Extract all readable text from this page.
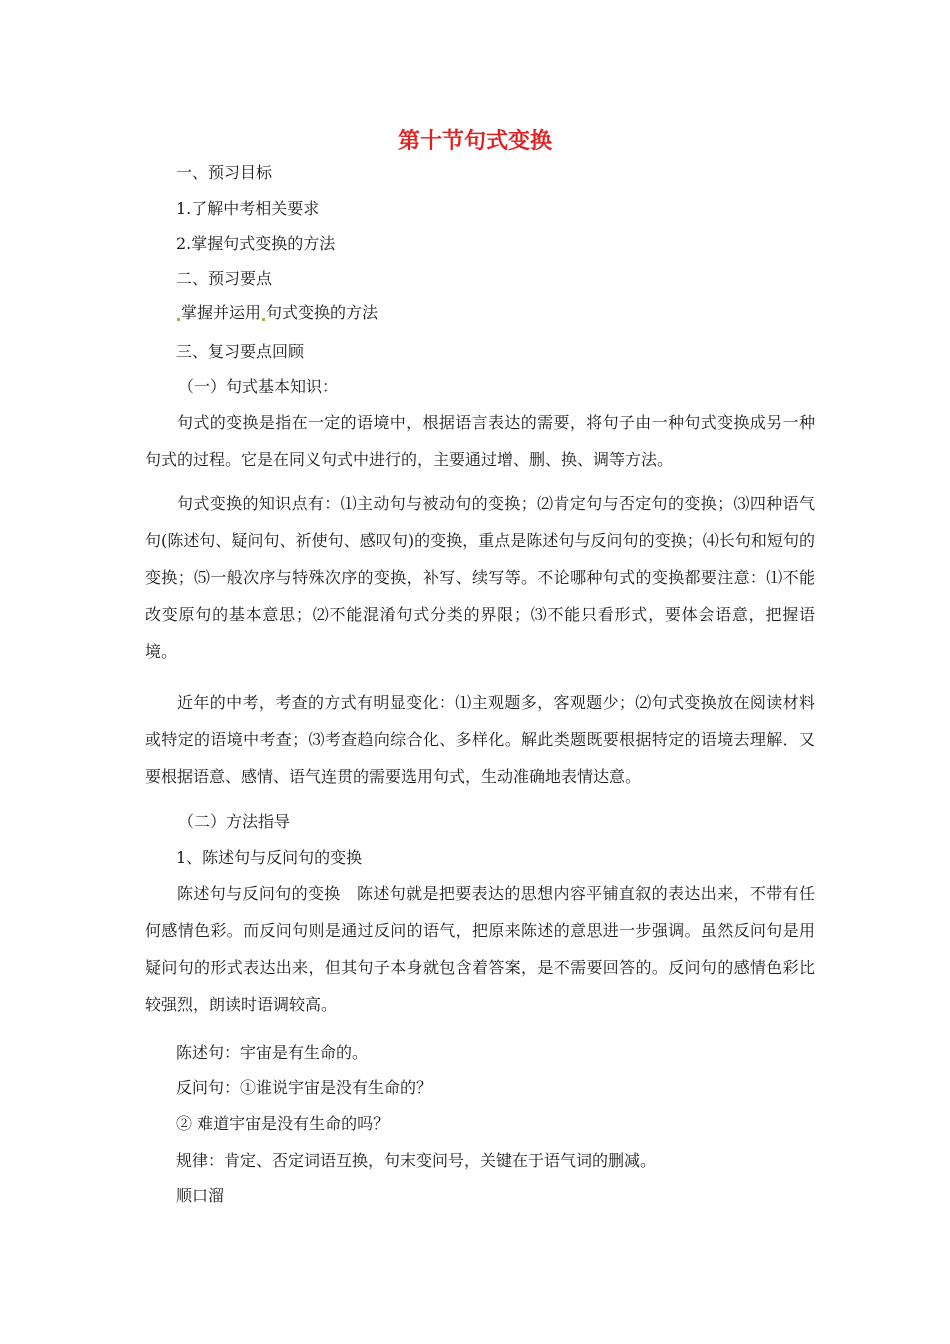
第十节句式变换

一、预习目标

1.了解中考相关要求

2.掌握句式变换的方法

二、预习要点

掌握并运用 句式变换的方法

三、复习要点回顾

（一）句式基本知识：

句式的变换是指在一定的语境中，根据语言表达的需要，将句子由一种句式变换成另一种句式的过程。它是在同义句式中进行的，主要通过增、删、换、调等方法。

句式变换的知识点有：⑴主动句与被动句的变换；⑵肯定句与否定句的变换；⑶四种语气句(陈述句、疑问句、祈使句、感叹句)的变换，重点是陈述句与反问句的变换；⑷长句和短句的变换；⑸一般次序与特殊次序的变换，补写、续写等。不论哪种句式的变换都要注意：⑴不能改变原句的基本意思；⑵不能混淆句式分类的界限；⑶不能只看形式，要体会语意，把握语境。

近年的中考，考查的方式有明显变化：⑴主观题多，客观题少；⑵句式变换放在阅读材料或特定的语境中考查；⑶考查趋向综合化、多样化。解此类题既要根据特定的语境去理解．又要根据语意、感情、语气连贯的需要选用句式，生动准确地表情达意。

（二）方法指导

1、陈述句与反问句的变换

陈述句与反问句的变换　陈述句就是把要表达的思想内容平铺直叙的表达出来，不带有任何感情色彩。而反问句则是通过反问的语气，把原来陈述的意思进一步强调。虽然反问句是用疑问句的形式表达出来，但其句子本身就包含着答案，是不需要回答的。反问句的感情色彩比较强烈，朗读时语调较高。

陈述句：宇宙是有生命的。

反问句：①谁说宇宙是没有生命的？

② 难道宇宙是没有生命的吗？

规律：肯定、否定词语互换，句末变问号，关键在于语气词的删减。

顺口溜
